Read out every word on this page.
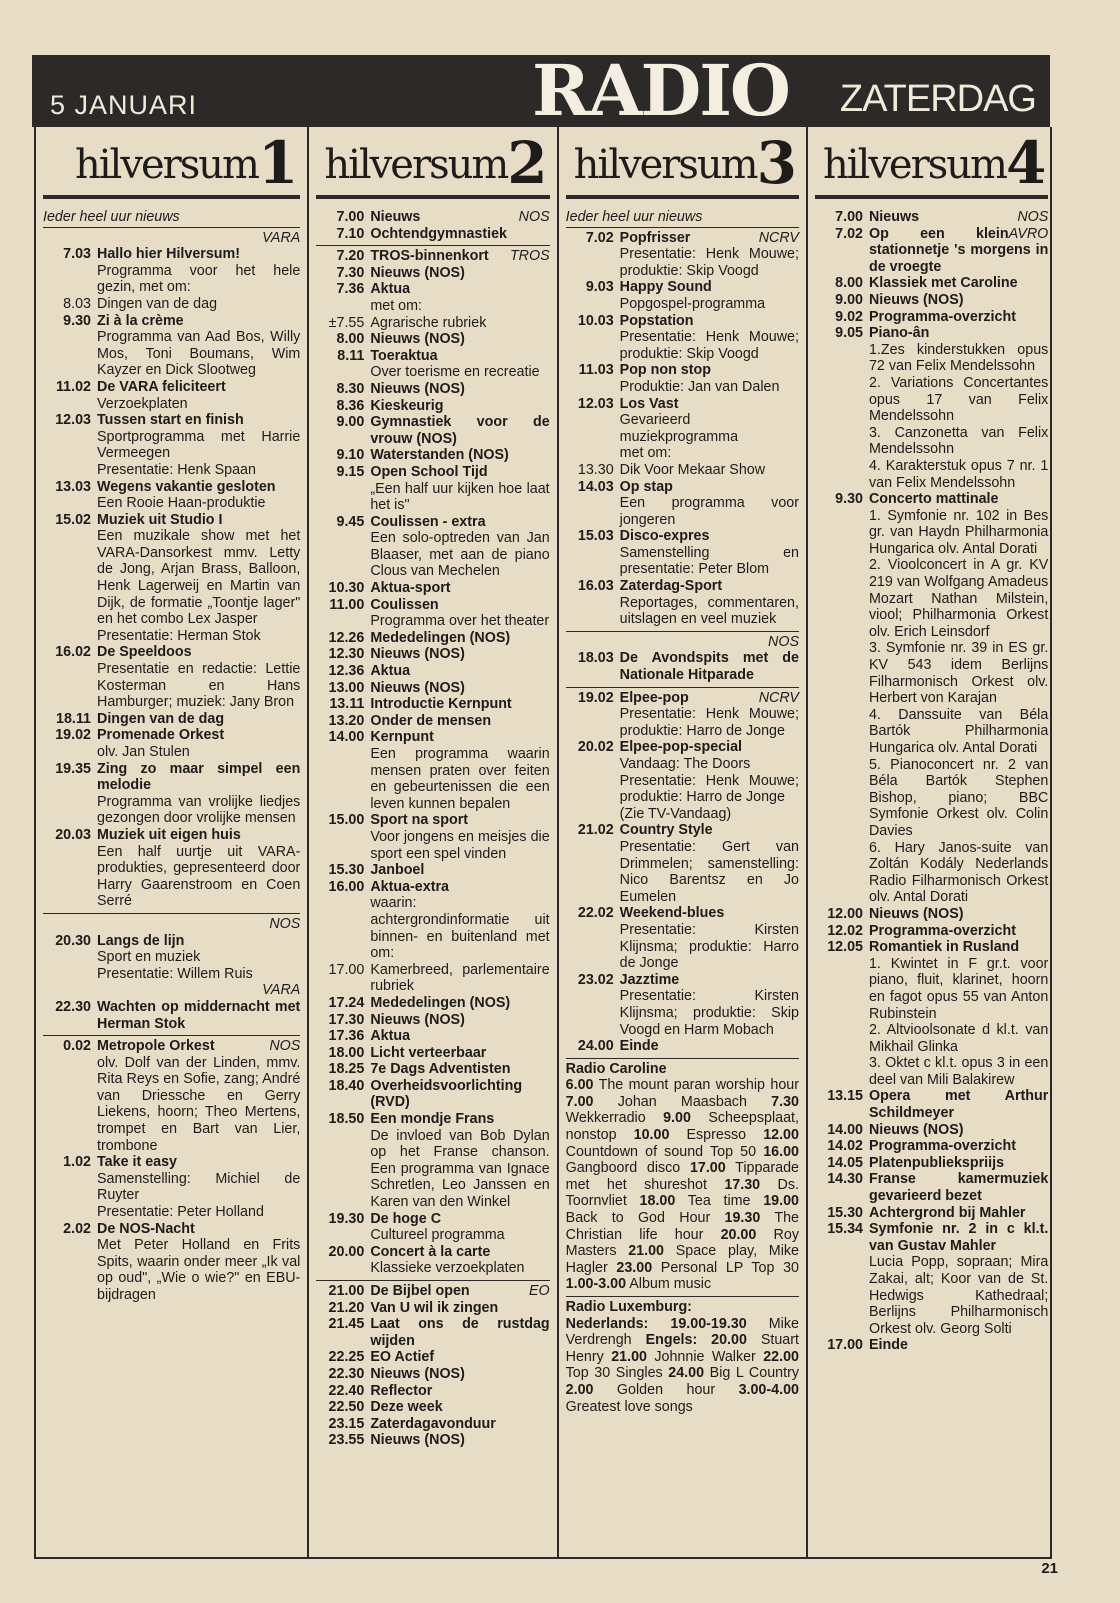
5 JANUARI	RADIO ZATERDAG
hilversum 1
Ieder heel uur nieuws
VARA
7.03 Hallo hier Hilversum!
Programma voor het hele gezin, met om:
8.03 Dingen van de dag
9.30 Zi à la crème
Programma van Aad Bos, Willy Mos, Toni Boumans, Wim Kayzer en Dick Slootweg
11.02 De VARA feliciteert
Verzoekplaten
12.03 Tussen start en finish
Sportprogramma met Harrie Vermeegen
Presentatie: Henk Spaan
13.03 Wegens vakantie gesloten
Een Rooie Haan-produktie
15.02 Muziek uit Studio I
Een muzikale show met het VARA-Dansorkest mmv. Letty de Jong, Arjan Brass, Balloon, Henk Lagerweij en Martin van Dijk, de formatie „Toontje lager" en het combo Lex Jasper
Presentatie: Herman Stok
16.02 De Speeldoos
Presentatie en redactie: Lettie Kosterman en Hans Hamburger; muziek: Jany Bron
18.11 Dingen van de dag
19.02 Promenade Orkest
olv. Jan Stulen
19.35 Zing zo maar simpel een melodie
Programma van vrolijke liedjes gezongen door vrolijke mensen
20.03 Muziek uit eigen huis
Een half uurtje uit VARA-produkties, gepresenteerd door Harry Gaarenstroom en Coen Serré
NOS
20.30 Langs de lijn
Sport en muziek
Presentatie: Willem Ruis
VARA
22.30 Wachten op middernacht met Herman Stok
0.02	NOS
Metropole Orkest
olv. Dolf van der Linden, mmv. Rita Reys en Sofie, zang; André van Driessche en Gerry Liekens, hoorn; Theo Mertens, trompet en Bart van Lier, trombone
1.02 Take it easy
Samenstelling: Michiel de Ruyter
Presentatie: Peter Holland
2.02 De NOS-Nacht
Met Peter Holland en Frits Spits, waarin onder meer „Ik val op oud", „Wie o wie?" en EBU-bijdragen
hilversum 2
7.00	NOS
Nieuws
7.10 Ochtendgymnastiek
7.20	TROS
TROS-binnenkort
7.30 Nieuws (NOS)
7.36 Aktua
met om:
±7.55 Agrarische rubriek
8.00 Nieuws (NOS)
8.11 Toeraktua
Over toerisme en recreatie
8.30 Nieuws (NOS)
8.36 Kieskeurig
9.00 Gymnastiek voor de vrouw (NOS)
9.10 Waterstanden (NOS)
9.15 Open School Tijd
„Een half uur kijken hoe laat het is"
9.45 Coulissen - extra
Een solo-optreden van Jan Blaaser, met aan de piano Clous van Mechelen
10.30 Aktua-sport
11.00 Coulissen
Programma over het theater
12.26 Mededelingen (NOS)
12.30 Nieuws (NOS)
12.36 Aktua
13.00 Nieuws (NOS)
13.11 Introductie Kernpunt
13.20 Onder de mensen
14.00 Kernpunt
Een programma waarin mensen praten over feiten en gebeurtenissen die een leven kunnen bepalen
15.00 Sport na sport
Voor jongens en meisjes die sport een spel vinden
15.30 Janboel
16.00 Aktua-extra
waarin: achtergrondinformatie uit binnen- en buitenland met om:
17.00 Kamerbreed, parlementaire rubriek
17.24 Mededelingen (NOS)
17.30 Nieuws (NOS)
17.36 Aktua
18.00 Licht verteerbaar
18.25 7e Dags Adventisten
18.40 Overheidsvoorlichting (RVD)
18.50 Een mondje Frans
De invloed van Bob Dylan op het Franse chanson. Een programma van Ignace Schretlen, Leo Janssen en Karen van den Winkel
19.30 De hoge C
Cultureel programma
20.00 Concert à la carte
Klassieke verzoekplaten
21.00	EO
De Bijbel open
21.20 Van U wil ik zingen
21.45 Laat ons de rustdag wijden
22.25 EO Actief
22.30 Nieuws (NOS)
22.40 Reflector
22.50 Deze week
23.15 Zaterdagavonduur
23.55 Nieuws (NOS)
hilversum 3
Ieder heel uur nieuws
7.02	NCRV
Popfrisser
Presentatie: Henk Mouwe; produktie: Skip Voogd
9.03 Happy Sound
Popgospel-programma
10.03 Popstation
Presentatie: Henk Mouwe; produktie: Skip Voogd
11.03 Pop non stop
Produktie: Jan van Dalen
12.03 Los Vast
Gevarieerd muziekprogramma
met om:
13.30 Dik Voor Mekaar Show
14.03 Op stap
Een programma voor jongeren
15.03 Disco-expres
Samenstelling en presentatie: Peter Blom
16.03 Zaterdag-Sport
Reportages, commentaren, uitslagen en veel muziek
NOS
18.03 De Avondspits met de Nationale Hitparade
19.02	NCRV
Elpee-pop
Presentatie: Henk Mouwe; produktie: Harro de Jonge
20.02 Elpee-pop-special
Vandaag: The Doors
Presentatie: Henk Mouwe; produktie: Harro de Jonge
(Zie TV-Vandaag)
21.02 Country Style
Presentatie: Gert van Drimmelen; samenstelling: Nico Barentsz en Jo Eumelen
22.02 Weekend-blues
Presentatie: Kirsten Klijnsma; produktie: Harro de Jonge
23.02 Jazztime
Presentatie: Kirsten Klijnsma; produktie: Skip Voogd en Harm Mobach
24.00 Einde
Radio Caroline
6.00 The mount paran worship hour 7.00 Johan Maasbach 7.30 Wekkerradio 9.00 Scheepsplaat, nonstop 10.00 Espresso 12.00 Countdown of sound Top 50 16.00 Gangboord disco 17.00 Tipparade met het shureshot 17.30 Ds. Toornvliet 18.00 Tea time 19.00 Back to God Hour 19.30 The Christian life hour 20.00 Roy Masters 21.00 Space play, Mike Hagler 23.00 Personal LP Top 30 1.00-3.00 Album music
Radio Luxemburg:
Nederlands: 19.00-19.30 Mike Verdrengh Engels: 20.00 Stuart Henry 21.00 Johnnie Walker 22.00 Top 30 Singles 24.00 Big L Country 2.00 Golden hour 3.00-4.00 Greatest love songs
hilversum 4
7.00	NOS
Nieuws
7.02	AVRO
Op een klein stationnetje 's morgens in de vroegte
8.00 Klassiek met Caroline
9.00 Nieuws (NOS)
9.02 Programma-overzicht
9.05 Piano-ân
1.Zes kinderstukken opus 72 van Felix Mendelssohn
2. Variations Concertantes opus 17 van Felix Mendelssohn
3. Canzonetta van Felix Mendelssohn
4. Karakterstuk opus 7 nr. 1 van Felix Mendelssohn
9.30 Concerto mattinale
1. Symfonie nr. 102 in Bes gr. van Haydn Philharmonia Hungarica olv. Antal Dorati
2. Vioolconcert in A gr. KV 219 van Wolfgang Amadeus Mozart Nathan Milstein, viool; Philharmonia Orkest olv. Erich Leinsdorf
3. Symfonie nr. 39 in ES gr. KV 543 idem Berlijns Filharmonisch Orkest olv. Herbert von Karajan
4. Danssuite van Béla Bartók Philharmonia Hungarica olv. Antal Dorati
5. Pianoconcert nr. 2 van Béla Bartók Stephen Bishop, piano; BBC Symfonie Orkest olv. Colin Davies
6. Hary Janos-suite van Zoltán Kodály Nederlands Radio Filharmonisch Orkest olv. Antal Dorati
12.00 Nieuws (NOS)
12.02 Programma-overzicht
12.05 Romantiek in Rusland
1. Kwintet in F gr.t. voor piano, fluit, klarinet, hoorn en fagot opus 55 van Anton Rubinstein
2. Altvioolsonate d kl.t. van Mikhail Glinka
3. Oktet c kl.t. opus 3 in een deel van Mili Balakirew
13.15 Opera met Arthur Schildmeyer
14.00 Nieuws (NOS)
14.02 Programma-overzicht
14.05 Platenpubliekspriijs
14.30 Franse kamermuziek gevarieerd bezet
15.30 Achtergrond bij Mahler
15.34 Symfonie nr. 2 in c kl.t. van Gustav Mahler
Lucia Popp, sopraan; Mira Zakai, alt; Koor van de St. Hedwigs Kathedraal; Berlijns Philharmonisch Orkest olv. Georg Solti
17.00 Einde
21
